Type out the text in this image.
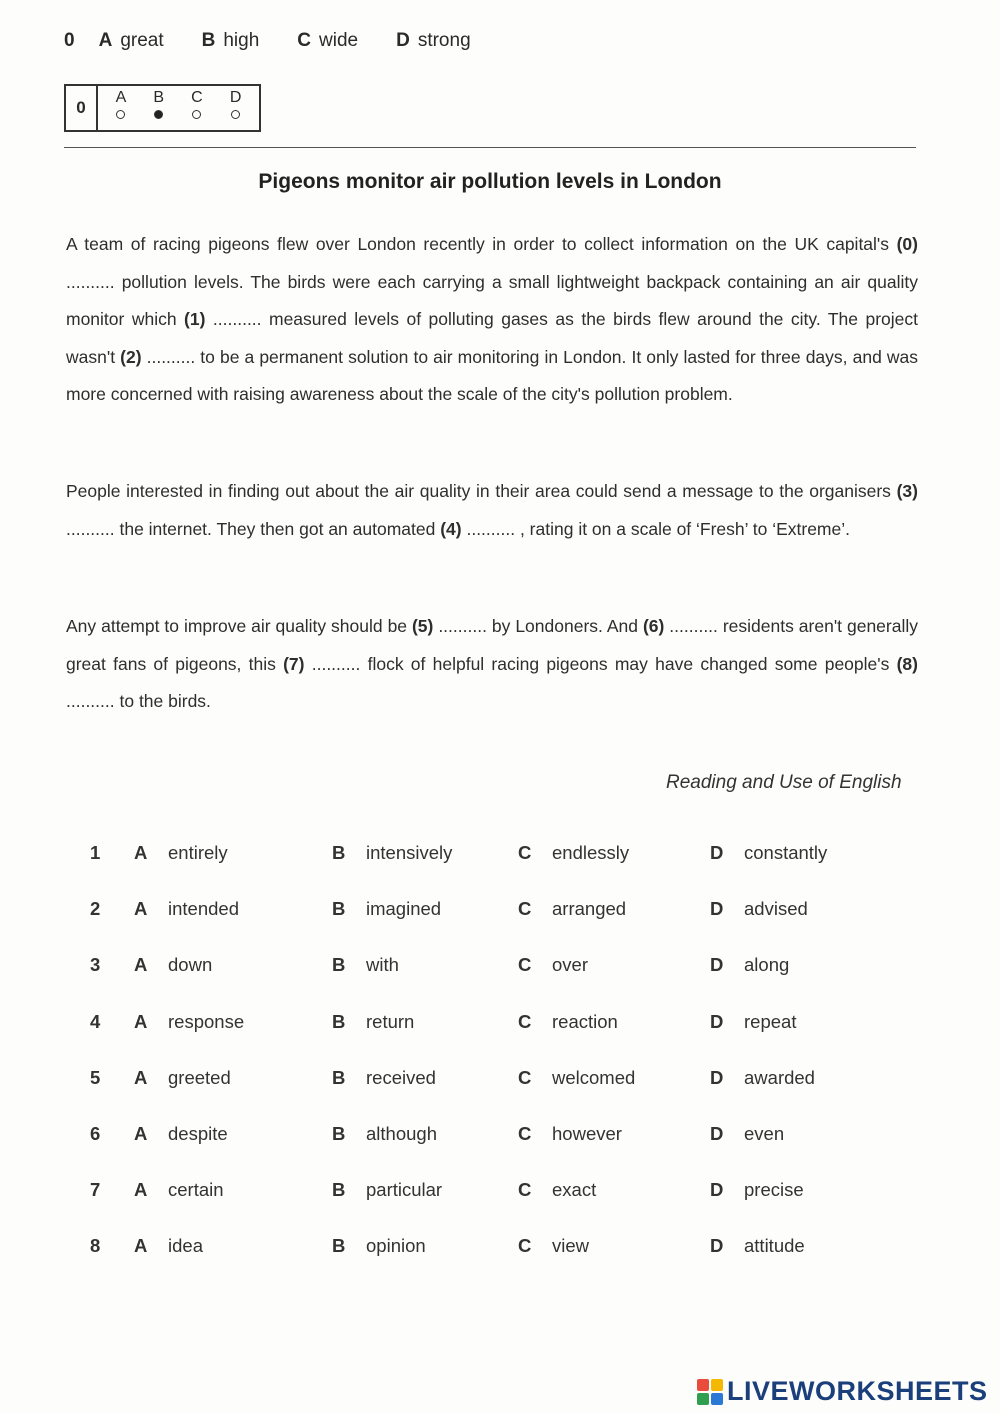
0 A great B high C wide D strong
0
A B C D
Pigeons monitor air pollution levels in London
A team of racing pigeons flew over London recently in order to collect information on the UK capital's (0) .......... pollution levels. The birds were each carrying a small lightweight backpack containing an air quality monitor which (1) .......... measured levels of polluting gases as the birds flew around the city. The project wasn't (2) .......... to be a permanent solution to air monitoring in London. It only lasted for three days, and was more concerned with raising awareness about the scale of the city's pollution problem.
People interested in finding out about the air quality in their area could send a message to the organisers (3) .......... the internet. They then got an automated (4) .......... , rating it on a scale of ‘Fresh’ to ‘Extreme’.
Any attempt to improve air quality should be (5) .......... by Londoners. And (6) .......... residents aren't generally great fans of pigeons, this (7) .......... flock of helpful racing pigeons may have changed some people's (8) .......... to the birds.
Reading and Use of English
1 A entirely	B intensively	C endlessly	D constantly
2 A intended	B imagined	C arranged	D advised
3 A down	B with	C over	D along
4 A response	B return	C reaction	D repeat
5 A greeted	B received	C welcomed	D awarded
6 A despite	B although	C however	D even
7 A certain	B particular	C exact	D precise
8 A idea	B opinion	C view	D attitude
LIVEWORKSHEETS
